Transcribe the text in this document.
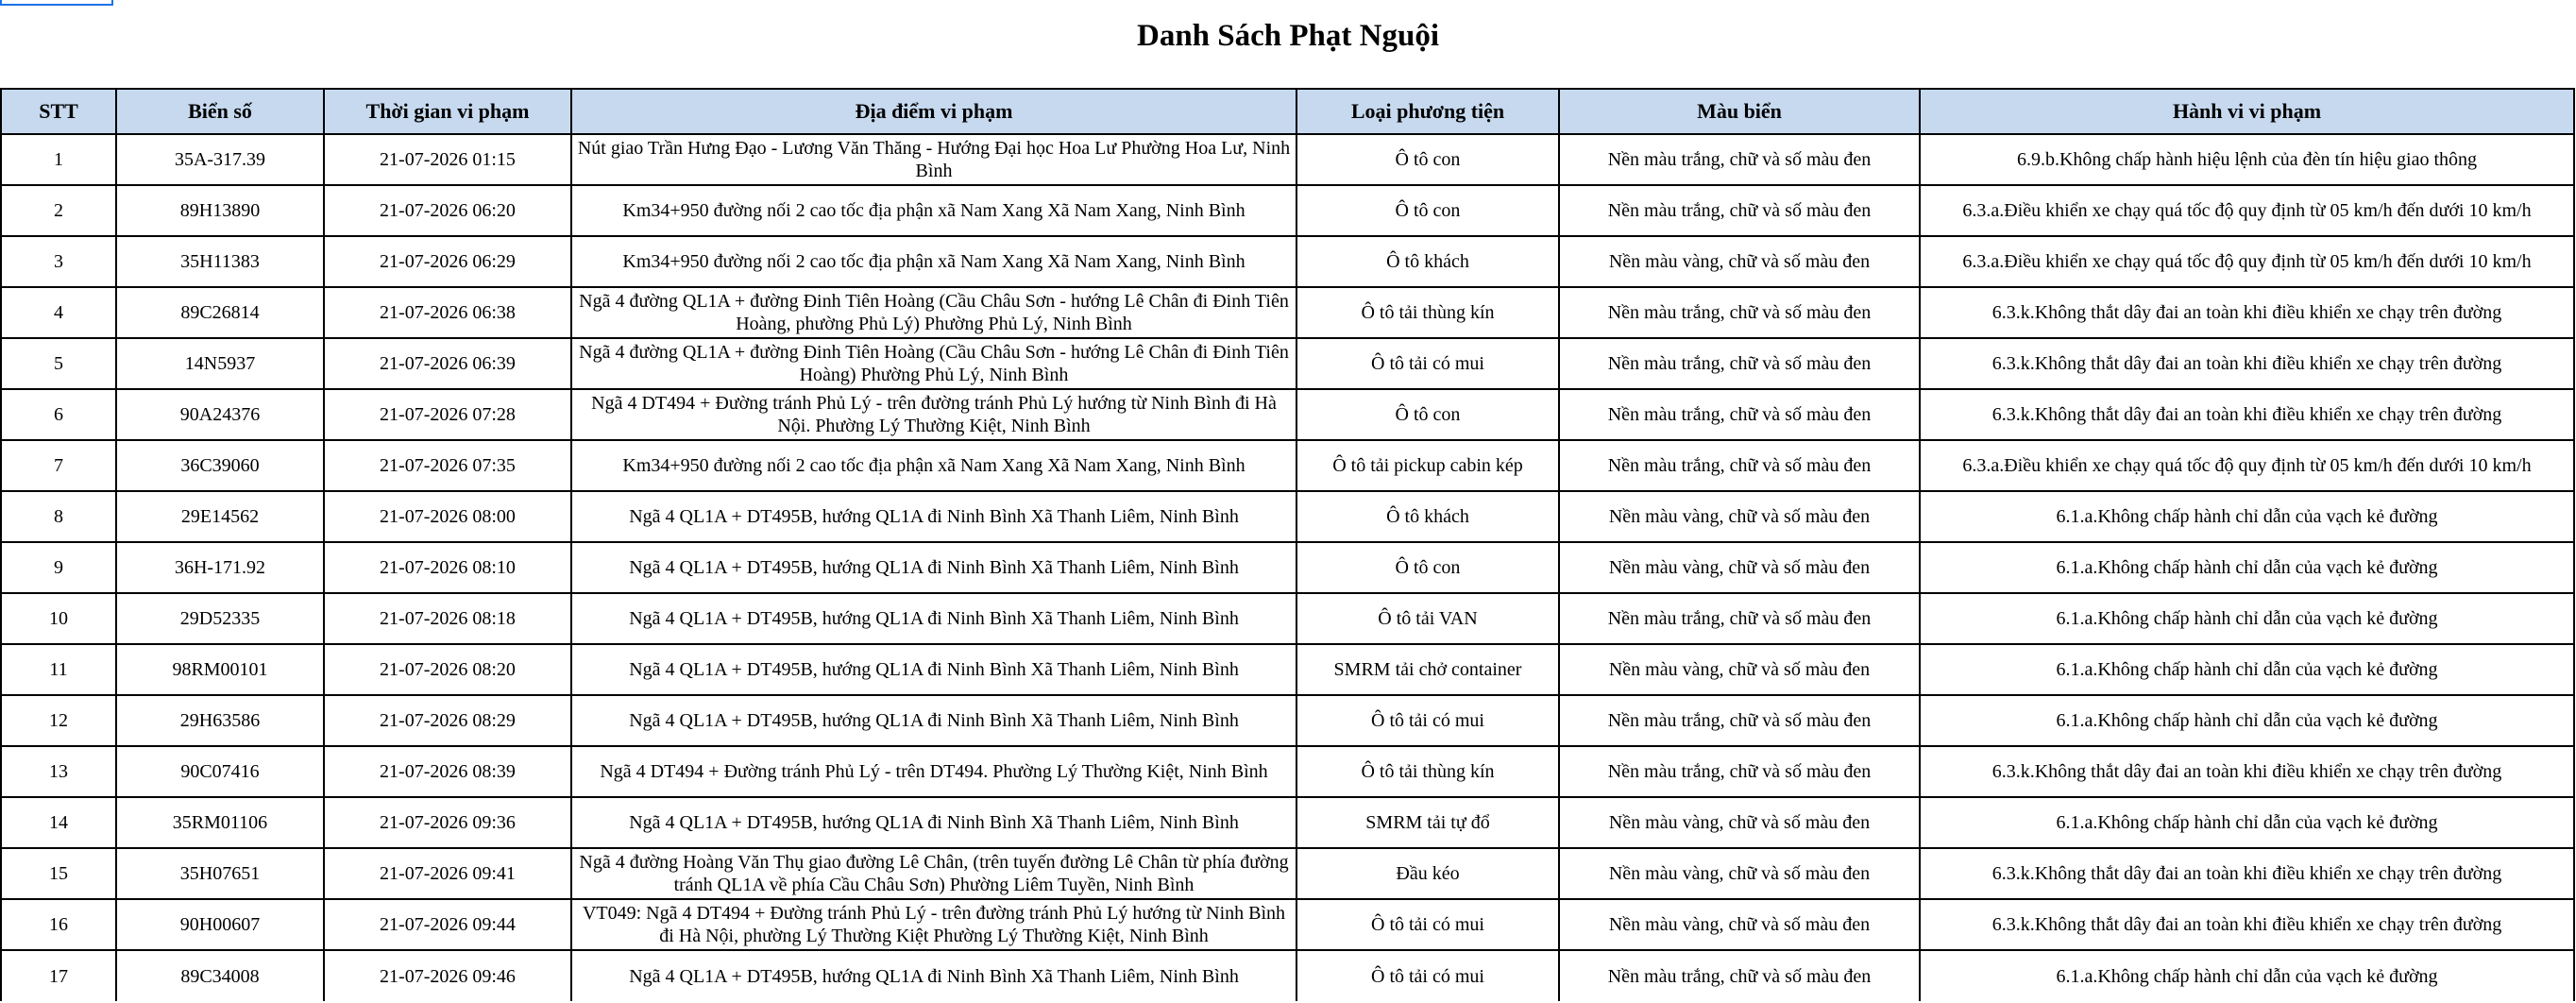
Danh Sách Phạt Nguội
STT	Biển số	Thời gian vi phạm	Địa điểm vi phạm	Loại phương tiện	Màu biển	Hành vi vi phạm
1	35A-317.39	21-07-2026 01:15	Nút giao Trần Hưng Đạo - Lương Văn Thăng - Hướng Đại học Hoa Lư Phường Hoa Lư, Ninh Bình	Ô tô con	Nền màu trắng, chữ và số màu đen	6.9.b.Không chấp hành hiệu lệnh của đèn tín hiệu giao thông
2	89H13890	21-07-2026 06:20	Km34+950 đường nối 2 cao tốc địa phận xã Nam Xang Xã Nam Xang, Ninh Bình	Ô tô con	Nền màu trắng, chữ và số màu đen	6.3.a.Điều khiển xe chạy quá tốc độ quy định từ 05 km/h đến dưới 10 km/h
3	35H11383	21-07-2026 06:29	Km34+950 đường nối 2 cao tốc địa phận xã Nam Xang Xã Nam Xang, Ninh Bình	Ô tô khách	Nền màu vàng, chữ và số màu đen	6.3.a.Điều khiển xe chạy quá tốc độ quy định từ 05 km/h đến dưới 10 km/h
4	89C26814	21-07-2026 06:38	Ngã 4 đường QL1A + đường Đinh Tiên Hoàng (Cầu Châu Sơn - hướng Lê Chân đi Đinh Tiên Hoàng, phường Phủ Lý) Phường Phủ Lý, Ninh Bình	Ô tô tải thùng kín	Nền màu trắng, chữ và số màu đen	6.3.k.Không thắt dây đai an toàn khi điều khiển xe chạy trên đường
5	14N5937	21-07-2026 06:39	Ngã 4 đường QL1A + đường Đinh Tiên Hoàng (Cầu Châu Sơn - hướng Lê Chân đi Đinh Tiên Hoàng) Phường Phủ Lý, Ninh Bình	Ô tô tải có mui	Nền màu trắng, chữ và số màu đen	6.3.k.Không thắt dây đai an toàn khi điều khiển xe chạy trên đường
6	90A24376	21-07-2026 07:28	Ngã 4 DT494 + Đường tránh Phủ Lý - trên đường tránh Phủ Lý hướng từ Ninh Bình đi Hà Nội. Phường Lý Thường Kiệt, Ninh Bình	Ô tô con	Nền màu trắng, chữ và số màu đen	6.3.k.Không thắt dây đai an toàn khi điều khiển xe chạy trên đường
7	36C39060	21-07-2026 07:35	Km34+950 đường nối 2 cao tốc địa phận xã Nam Xang Xã Nam Xang, Ninh Bình	Ô tô tải pickup cabin kép	Nền màu trắng, chữ và số màu đen	6.3.a.Điều khiển xe chạy quá tốc độ quy định từ 05 km/h đến dưới 10 km/h
8	29E14562	21-07-2026 08:00	Ngã 4 QL1A + DT495B, hướng QL1A đi Ninh Bình Xã Thanh Liêm, Ninh Bình	Ô tô khách	Nền màu vàng, chữ và số màu đen	6.1.a.Không chấp hành chỉ dẫn của vạch kẻ đường
9	36H-171.92	21-07-2026 08:10	Ngã 4 QL1A + DT495B, hướng QL1A đi Ninh Bình Xã Thanh Liêm, Ninh Bình	Ô tô con	Nền màu vàng, chữ và số màu đen	6.1.a.Không chấp hành chỉ dẫn của vạch kẻ đường
10	29D52335	21-07-2026 08:18	Ngã 4 QL1A + DT495B, hướng QL1A đi Ninh Bình Xã Thanh Liêm, Ninh Bình	Ô tô tải VAN	Nền màu trắng, chữ và số màu đen	6.1.a.Không chấp hành chỉ dẫn của vạch kẻ đường
11	98RM00101	21-07-2026 08:20	Ngã 4 QL1A + DT495B, hướng QL1A đi Ninh Bình Xã Thanh Liêm, Ninh Bình	SMRM tải chở container	Nền màu vàng, chữ và số màu đen	6.1.a.Không chấp hành chỉ dẫn của vạch kẻ đường
12	29H63586	21-07-2026 08:29	Ngã 4 QL1A + DT495B, hướng QL1A đi Ninh Bình Xã Thanh Liêm, Ninh Bình	Ô tô tải có mui	Nền màu trắng, chữ và số màu đen	6.1.a.Không chấp hành chỉ dẫn của vạch kẻ đường
13	90C07416	21-07-2026 08:39	Ngã 4 DT494 + Đường tránh Phủ Lý - trên DT494. Phường Lý Thường Kiệt, Ninh Bình	Ô tô tải thùng kín	Nền màu trắng, chữ và số màu đen	6.3.k.Không thắt dây đai an toàn khi điều khiển xe chạy trên đường
14	35RM01106	21-07-2026 09:36	Ngã 4 QL1A + DT495B, hướng QL1A đi Ninh Bình Xã Thanh Liêm, Ninh Bình	SMRM tải tự đổ	Nền màu vàng, chữ và số màu đen	6.1.a.Không chấp hành chỉ dẫn của vạch kẻ đường
15	35H07651	21-07-2026 09:41	Ngã 4 đường Hoàng Văn Thụ giao đường Lê Chân, (trên tuyến đường Lê Chân từ phía đường tránh QL1A về phía Cầu Châu Sơn) Phường Liêm Tuyền, Ninh Bình	Đầu kéo	Nền màu vàng, chữ và số màu đen	6.3.k.Không thắt dây đai an toàn khi điều khiển xe chạy trên đường
16	90H00607	21-07-2026 09:44	VT049: Ngã 4 DT494 + Đường tránh Phủ Lý - trên đường tránh Phủ Lý hướng từ Ninh Bình đi Hà Nội, phường Lý Thường Kiệt Phường Lý Thường Kiệt, Ninh Bình	Ô tô tải có mui	Nền màu vàng, chữ và số màu đen	6.3.k.Không thắt dây đai an toàn khi điều khiển xe chạy trên đường
17	89C34008	21-07-2026 09:46	Ngã 4 QL1A + DT495B, hướng QL1A đi Ninh Bình Xã Thanh Liêm, Ninh Bình	Ô tô tải có mui	Nền màu trắng, chữ và số màu đen	6.1.a.Không chấp hành chỉ dẫn của vạch kẻ đường
